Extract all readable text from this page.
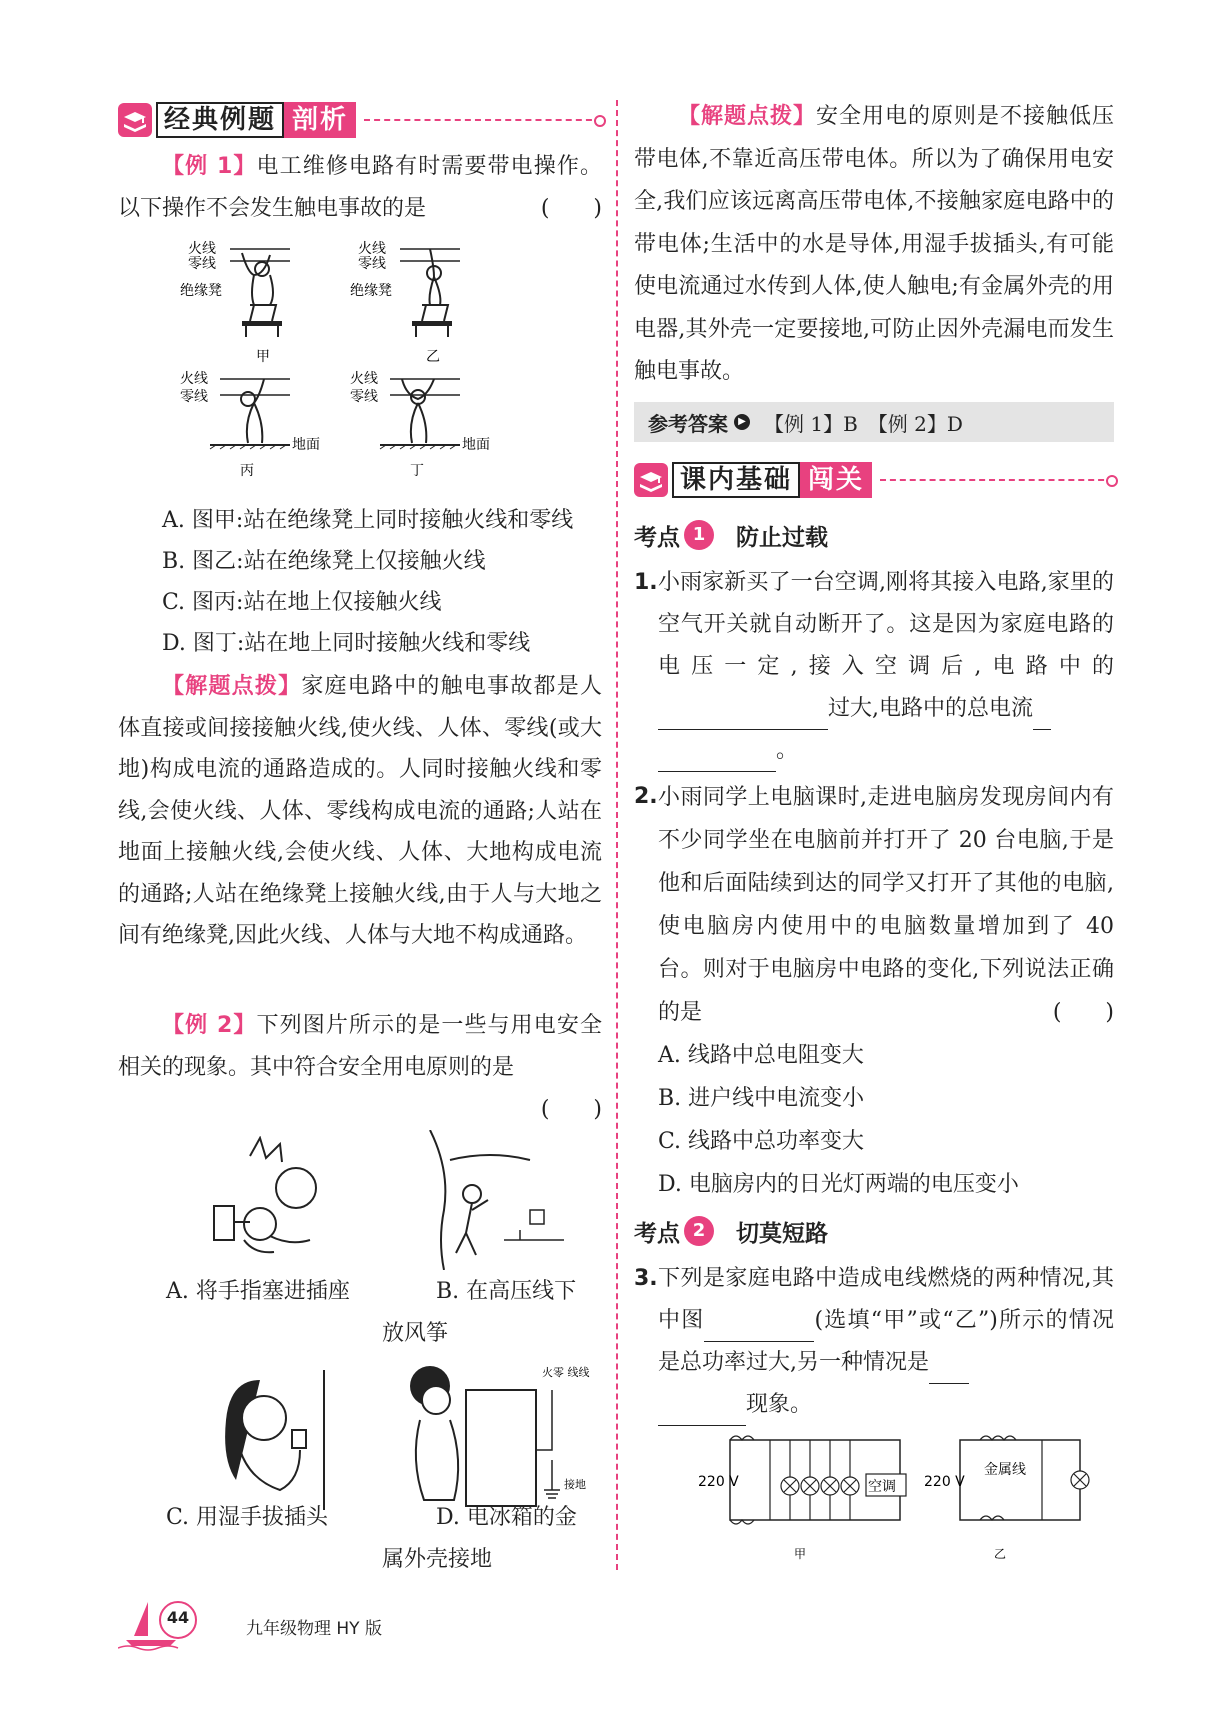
经典例题 剖析

【例 1】电工维修电路有时需要带电操作。以下操作不会发生触电事故的是	(　　)

火线
零线
绝缘凳
甲
火线
零线
绝缘凳
乙
火线
零线
地面
丙
火线
零线
地面
丁
A. 图甲:站在绝缘凳上同时接触火线和零线
B. 图乙:站在绝缘凳上仅接触火线
C. 图丙:站在地上仅接触火线
D. 图丁:站在地上同时接触火线和零线

【解题点拨】家庭电路中的触电事故都是人体直接或间接接触火线,使火线、人体、零线(或大地)构成电流的通路造成的。人同时接触火线和零线,会使火线、人体、零线构成电流的通路;人站在地面上接触火线,会使火线、人体、大地构成电流的通路;人站在绝缘凳上接触火线,由于人与大地之间有绝缘凳,因此火线、人体与大地不构成通路。

【例 2】下列图片所示的是一些与用电安全相关的现象。其中符合安全用电原则的是

(　　)

A. 将手指塞进插座	B. 在高压线下
放风筝
火零 线线
接地
C. 用湿手拔插头	D. 电冰箱的金
属外壳接地

【解题点拨】安全用电的原则是不接触低压带电体,不靠近高压带电体。所以为了确保用电安全,我们应该远离高压带电体,不接触家庭电路中的带电体;生活中的水是导体,用湿手拔插头,有可能使电流通过水传到人体,使人触电;有金属外壳的用电器,其外壳一定要接地,可防止因外壳漏电而发生触电事故。

参考答案	▶ 【例 1】B　【例 2】D
课内基础 闯关
考点 1	防止过载
1. 小雨家新买了一台空调,刚将其接入电路,家里的空气开关就自动断开了。这是因为家庭电路的电压一定,接入空调后,电路中的过大,电路中的总电流
。

2. 小雨同学上电脑课时,走进电脑房发现房间内有不少同学坐在电脑前并打开了 20 台电脑,于是他和后面陆续到达的同学又打开了其他的电脑,使电脑房内使用中的电脑数量增加到了 40 台。则对于电脑房中电路的变化,下列说法正确的是	(　　)

A. 线路中总电阻变大
B. 进户线中电流变小
C. 线路中总功率变大
D. 电脑房内的日光灯两端的电压变小
考点 2	切莫短路
3. 下列是家庭电路中造成电线燃烧的两种情况,其中图	(选填“甲”或“乙”)所示的情况是总功率过大,另一种情况是
现象。

220 V	空调
甲
220 V
金属线
乙
44
九年级物理 HY 版
